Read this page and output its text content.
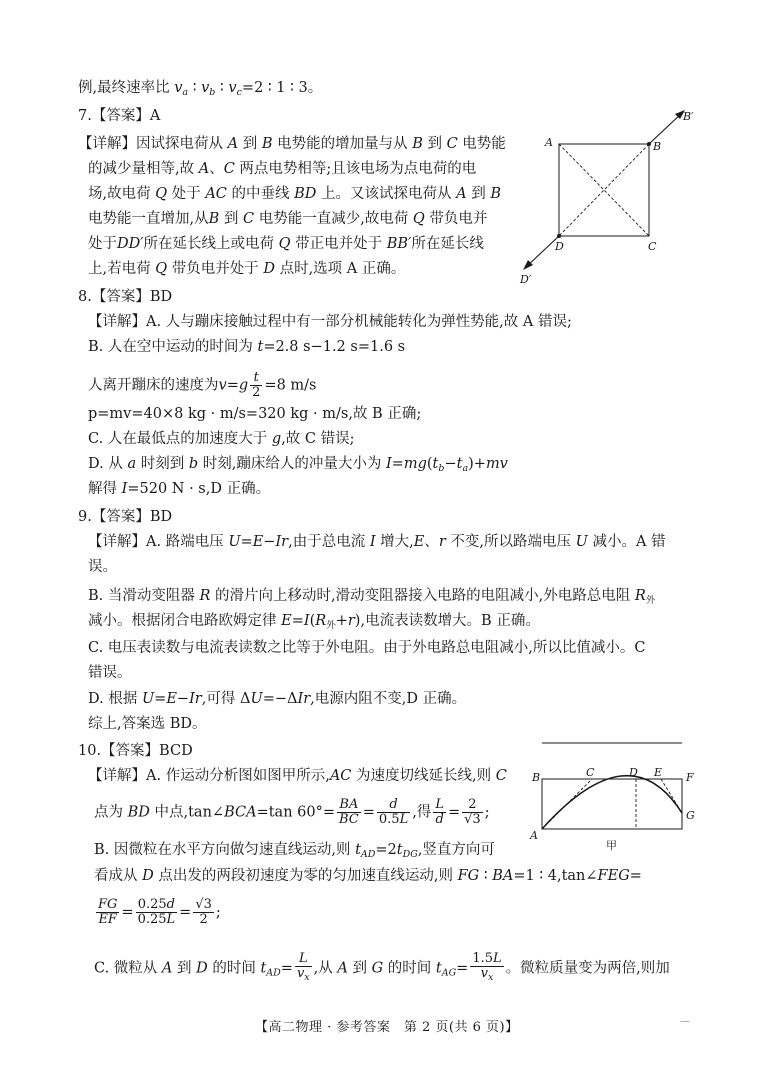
例,最终速率比 $v_a$ ∶ $v_b$ ∶ $v_c=2$ ∶ 1 ∶ 3。
7.【答案】A
【详解】因试探电荷从 A 到 B 电势能的增加量与从 B 到 C 电势能
的减少量相等,故 A、C 两点电势相等;且该电场为点电荷的电
场,故电荷 Q 处于 AC 的中垂线 BD 上。又该试探电荷从 A 到 B
电势能一直增加,从B 到 C 电势能一直减少,故电荷 Q 带负电并
处于DD′所在延长线上或电荷 Q 带正电并处于 BB′所在延长线
上,若电荷 Q 带负电并处于 D 点时,选项 A 正确。
A	B
B′
C
D
D′
8.【答案】BD
【详解】A. 人与蹦床接触过程中有一部分机械能转化为弹性势能,故 A 错误;
B. 人在空中运动的时间为 t=2.8 s−1.2 s=1.6 s
人离开蹦床的速度为$v=g \frac{t}{2} =8$ m/s
p=mv=40×8 kg · m/s=320 kg · m/s,故 B 正确;
C. 人在最低点的加速度大于 g,故 C 错误;
D. 从 a 时刻到 b 时刻,蹦床给人的冲量大小为 $I=mg(t_b-t_a)+mv$
解得 I=520 N · s,D 正确。
9.【答案】BD
【详解】A. 路端电压 U=E−Ir,由于总电流 I 增大,E、r 不变,所以路端电压 U 减小。A 错
误。
B. 当滑动变阻器 R 的滑片向上移动时,滑动变阻器接入电路的电阻减小,外电路总电阻 $R_外$
减小。根据闭合电路欧姆定律 $E=I(R_外+r)$,电流表读数增大。B 正确。
C. 电压表读数与电流表读数之比等于外电阻。由于外电路总电阻减小,所以比值减小。C
错误。
D. 根据 U=E−Ir,可得 ΔU=−ΔIr,电源内阻不变,D 正确。
综上,答案选 BD。
10.【答案】BCD
【详解】A. 作运动分析图如图甲所示,AC 为速度切线延长线,则 C
点为 BD 中点,tan∠BCA=tan $60^\circ= \frac{BA}{BC} = \frac{d}{0.5L}$ ,得 $\frac{L}{d} = \frac{2}{√3}$ ;
B. 因微粒在水平方向做匀速直线运动,则 $t_{AD}=2t_{DG}$,竖直方向可
看成从 D 点出发的两段初速度为零的匀加速直线运动,则 FG ∶ BA=1 ∶ 4,tan∠FEG=
$\frac{FG}{EF} = \frac{0.25d}{0.25L} = \frac{√3}{2}$ ;
C. 微粒从 A 到 D 的时间 $t_{AD}= \frac{L}{v_x}$ ,从 A 到 G 的时间 $t_{AG}= \frac{1.5L}{v_x}$ 。微粒质量变为两倍,则加
B	C	D E F
A
G
甲
【高二物理 · 参考答案　第 2 页(共 6 页)】	—
